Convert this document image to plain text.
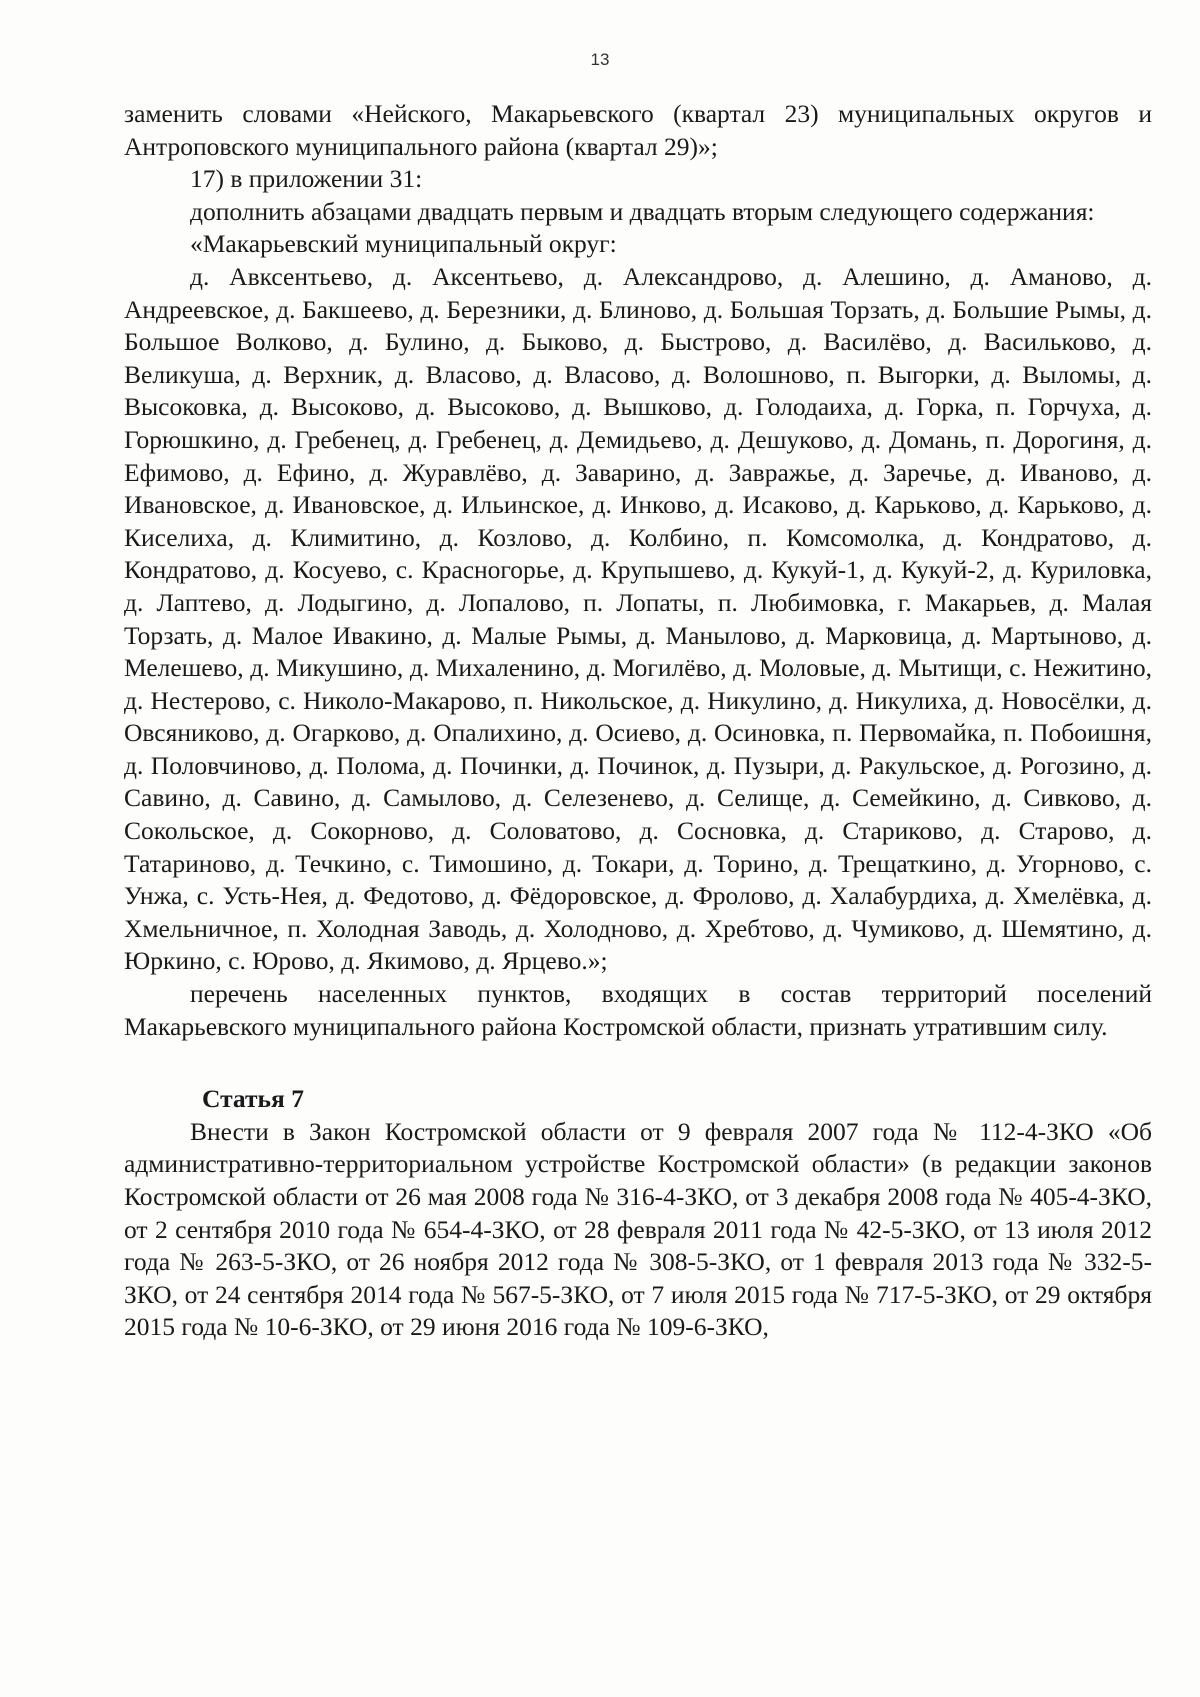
13

заменить словами «Нейского, Макарьевского (квартал 23) муниципальных округов и Антроповского муниципального района (квартал 29)»;

17) в приложении 31:

дополнить абзацами двадцать первым и двадцать вторым следующего содержания:

«Макарьевский муниципальный округ:

д. Авксентьево, д. Аксентьево, д. Александрово, д. Алешино, д. Аманово, д. Андреевское, д. Бакшеево, д. Березники, д. Блиново, д. Большая Торзать, д. Большие Рымы, д. Большое Волково, д. Булино, д. Быково, д. Быстрово, д. Василёво, д. Васильково, д. Великуша, д. Верхник, д. Власово, д. Власово, д. Волошново, п. Выгорки, д. Выломы, д. Высоковка, д. Высоково, д. Высоково, д. Вышково, д. Голодаиха, д. Горка, п. Горчуха, д. Горюшкино, д. Гребенец, д. Гребенец, д. Демидьево, д. Дешуково, д. Домань, п. Дорогиня, д. Ефимово, д. Ефино, д. Журавлёво, д. Заварино, д. Завражье, д. Заречье, д. Иваново, д. Ивановское, д. Ивановское, д. Ильинское, д. Инково, д. Исаково, д. Карьково, д. Карьково, д. Киселиха, д. Климитино, д. Козлово, д. Колбино, п. Комсомолка, д. Кондратово, д. Кондратово, д. Косуево, с. Красногорье, д. Крупышево, д. Кукуй-1, д. Кукуй-2, д. Куриловка, д. Лаптево, д. Лодыгино, д. Лопалово, п. Лопаты, п. Любимовка, г. Макарьев, д. Малая Торзать, д. Малое Ивакино, д. Малые Рымы, д. Манылово, д. Марковица, д. Мартыново, д. Мелешево, д. Микушино, д. Михаленино, д. Могилёво, д. Моловые, д. Мытищи, с. Нежитино, д. Нестерово, с. Николо-Макарово, п. Никольское, д. Никулино, д. Никулиха, д. Новосёлки, д. Овсяниково, д. Огарково, д. Опалихино, д. Осиево, д. Осиновка, п. Первомайка, п. Побоишня, д. Половчиново, д. Полома, д. Починки, д. Починок, д. Пузыри, д. Ракульское, д. Рогозино, д. Савино, д. Савино, д. Самылово, д. Селезенево, д. Селище, д. Семейкино, д. Сивково, д. Сокольское, д. Сокорново, д. Соловатово, д. Сосновка, д. Стариково, д. Старово, д. Татариново, д. Течкино, с. Тимошино, д. Токари, д. Торино, д. Трещаткино, д. Угорново, с. Унжа, с. Усть-Нея, д. Федотово, д. Фёдоровское, д. Фролово, д. Халабурдиха, д. Хмелёвка, д. Хмельничное, п. Холодная Заводь, д. Холодново, д. Хребтово, д. Чумиково, д. Шемятино, д. Юркино, с. Юрово, д. Якимово, д. Ярцево.»;

перечень населенных пунктов, входящих в состав территорий поселений Макарьевского муниципального района Костромской области, признать утратившим силу.

Статья 7

Внести в Закон Костромской области от 9 февраля 2007 года № 112-4-ЗКО «Об административно-территориальном устройстве Костромской области» (в редакции законов Костромской области от 26 мая 2008 года № 316-4-ЗКО, от 3 декабря 2008 года № 405-4-ЗКО, от 2 сентября 2010 года № 654-4-ЗКО, от 28 февраля 2011 года № 42-5-ЗКО, от 13 июля 2012 года № 263-5-ЗКО, от 26 ноября 2012 года № 308-5-ЗКО, от 1 февраля 2013 года № 332-5-ЗКО, от 24 сентября 2014 года № 567-5-ЗКО, от 7 июля 2015 года № 717-5-ЗКО, от 29 октября 2015 года № 10-6-ЗКО, от 29 июня 2016 года № 109-6-ЗКО,
